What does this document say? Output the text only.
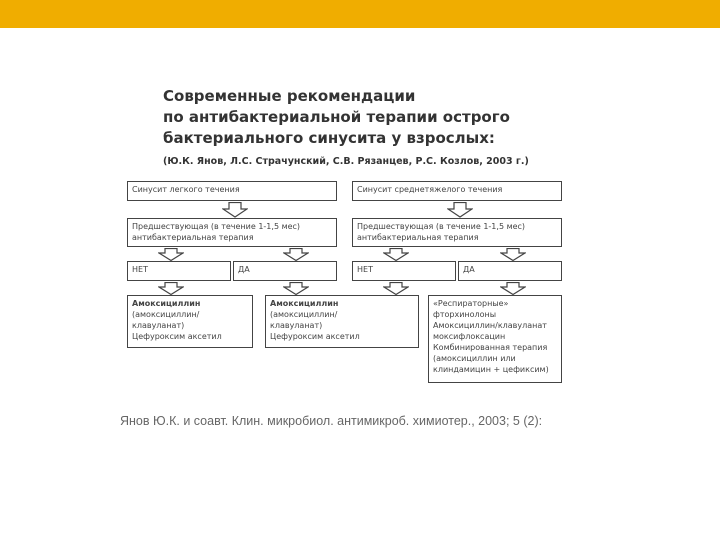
Современные рекомендации
по антибактериальной терапии острого
бактериального синусита у взрослых:
(Ю.К. Янов, Л.С. Страчунский, С.В. Рязанцев, Р.С. Козлов, 2003 г.)
Синусит легкого течения
Предшествующая (в течение 1-1,5 мес)
антибактериальная терапия
НЕТ	ДА
Амоксициллин
(амоксициллин/
клавуланат)
Цефуроксим аксетил
Амоксициллин
(амоксициллин/
клавуланат)
Цефуроксим аксетил
Синусит среднетяжелого течения
Предшествующая (в течение 1-1,5 мес)
антибактериальная терапия
НЕТ	ДА
«Респираторные»
фторхинолоны
Амоксициллин/клавуланат
моксифлоксацин
Комбинированная терапия
(амоксициллин или
клиндамицин + цефиксим)
Янов Ю.К. и соавт. Клин. микробиол. антимикроб. химиотер., 2003; 5 (2):
